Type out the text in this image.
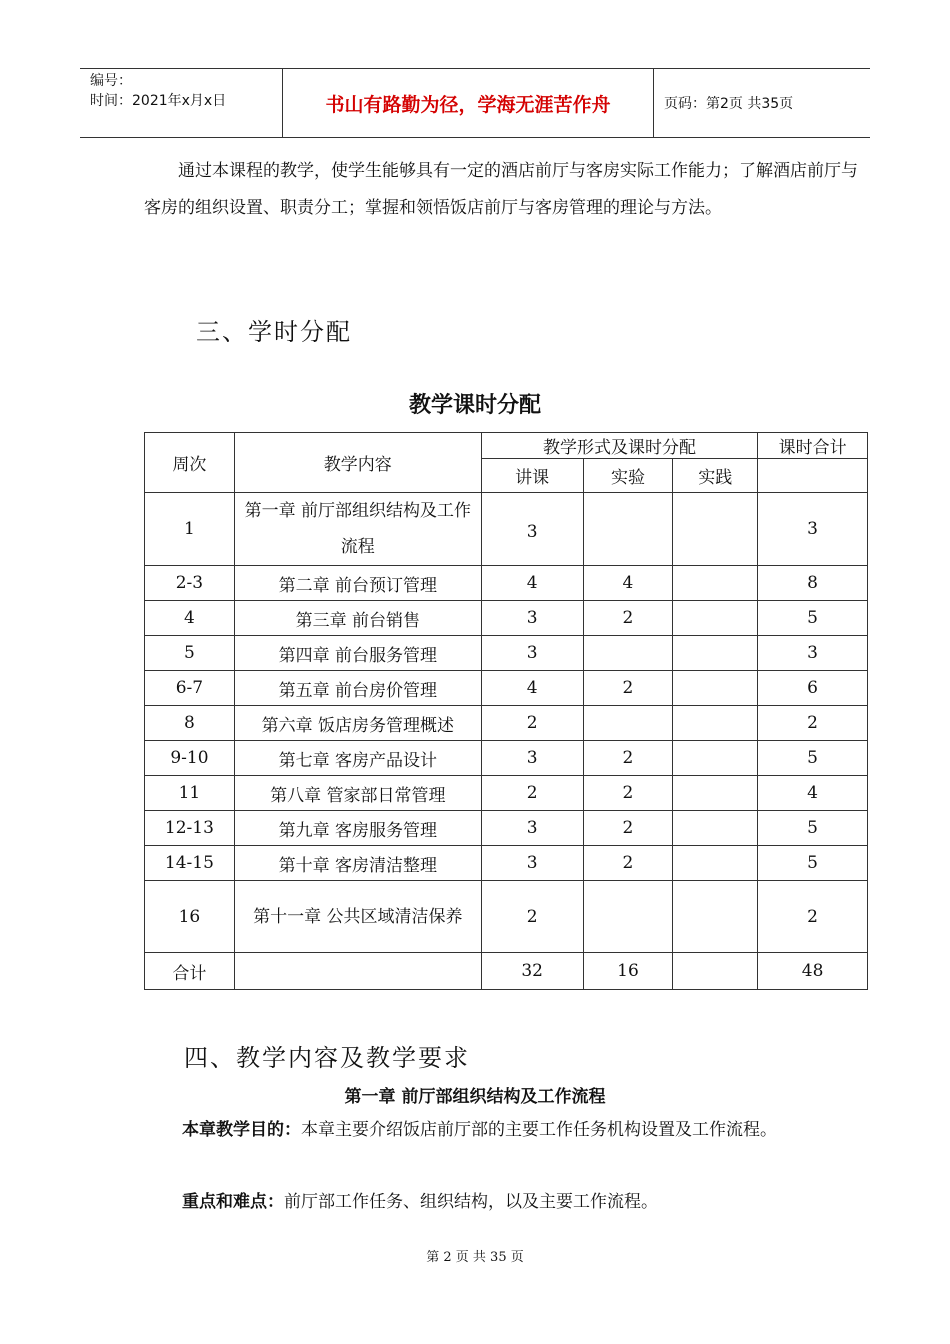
编号：
时间：2021年x月x日	书山有路勤为径，学海无涯苦作舟	页码：第2页 共35页
通过本课程的教学，使学生能够具有一定的酒店前厅与客房实际工作能力；了解酒店前厅与客房的组织设置、职责分工；掌握和领悟饭店前厅与客房管理的理论与方法。
三、学时分配
教学课时分配
周次	教学内容	教学形式及课时分配			课时合计
		讲课	实验	实践	
1	第一章 前厅部组织结构及工作流程	3			3
2-3	第二章 前台预订管理	4	4		8
4	第三章 前台销售	3	2		5
5	第四章 前台服务管理	3			3
6-7	第五章 前台房价管理	4	2		6
8	第六章 饭店房务管理概述	2			2
9-10	第七章 客房产品设计	3	2		5
11	第八章 管家部日常管理	2	2		4
12-13	第九章 客房服务管理	3	2		5
14-15	第十章 客房清洁整理	3	2		5
16	第十一章 公共区域清洁保养	2			2
合计		32	16		48
四、教学内容及教学要求
第一章 前厅部组织结构及工作流程
本章教学目的：本章主要介绍饭店前厅部的主要工作任务机构设置及工作流程。
重点和难点：前厅部工作任务、组织结构，以及主要工作流程。
第 2 页 共 35 页
